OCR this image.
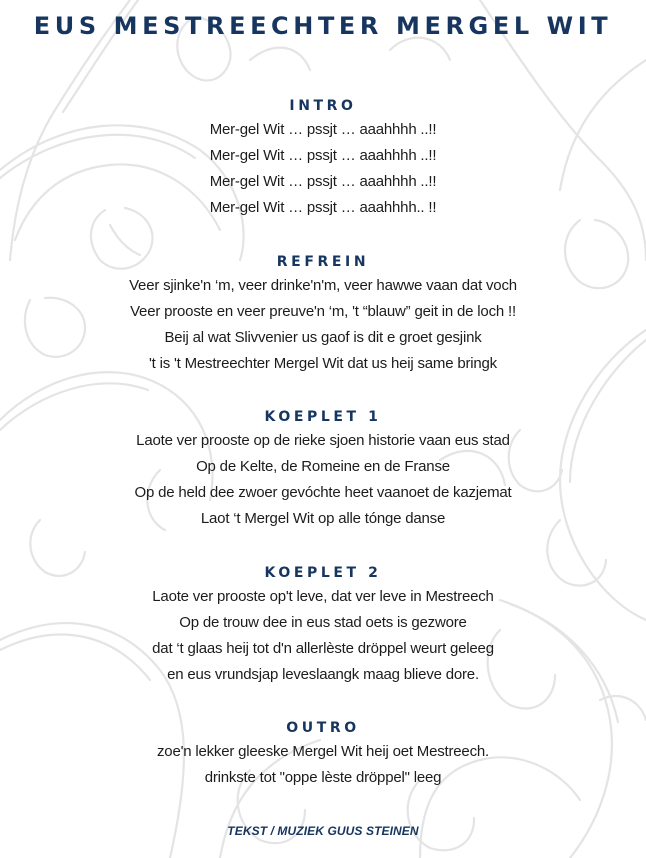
EUS MESTREECHTER MERGEL WIT
INTRO
Mer-gel Wit … pssjt … aaahhhh ..!!
Mer-gel Wit … pssjt … aaahhhh ..!!
Mer-gel Wit … pssjt … aaahhhh ..!!
Mer-gel Wit … pssjt … aaahhhh.. !!
REFREIN
Veer sjinke'n ‘m, veer drinke'n'm, veer hawwe vaan dat voch
Veer prooste en veer preuve'n ‘m, 't “blauw” geit in de loch !!
Beij al wat Slivvenier us gaof is dit e groet gesjink
't is 't Mestreechter Mergel Wit dat us heij same bringk
KOEPLET 1
Laote ver prooste op de rieke sjoen historie vaan eus stad
Op de Kelte, de Romeine en de Franse
Op de held dee zwoer gevóchte heet vaanoet de kazjemat
Laot ‘t Mergel Wit op alle tónge danse
KOEPLET 2
Laote ver prooste op't leve, dat ver leve in Mestreech
Op de trouw dee in eus stad oets is gezwore
dat ‘t glaas heij tot d'n allerlèste dröppel weurt geleeg
en eus vrundsjap leveslaangk maag blieve dore.
OUTRO
zoe'n lekker gleeske Mergel Wit heij oet Mestreech.
drinkste tot "oppe lèste dröppel" leeg
TEKST / MUZIEK GUUS STEINEN
